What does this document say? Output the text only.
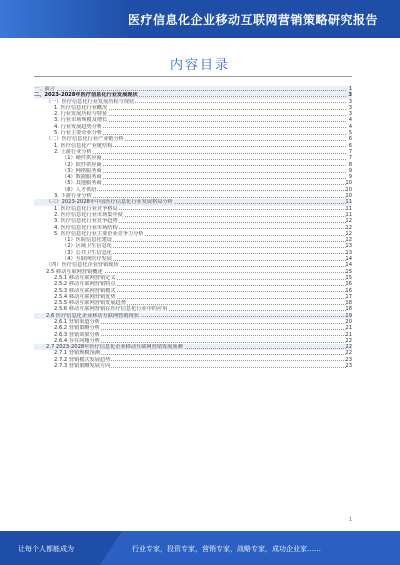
医疗信息化企业移动互联网营销策略研究报告
内容目录
一、前言	1
二、2023-2028年医疗信息化行业发展现状	3
（一）医疗信息化行业发展历程与现状	3
1. 医疗信息化行业概况	3
2. 行业发展历程与特征	3
3. 行业市场规模及增长	4
4. 行业发展趋势分析	4
5. 行业主要企业分析	5
（二）医疗信息化行业产业链分析	6
1. 医疗信息化产业链结构	6
2. 上游行业分析	7
（1）硬件供应商	7
（2）软件供应商	8
（3）网络服务商	9
（4）数据服务商	9
（5）其他服务商	10
（6）人才供给	10
3. 下游行业分析	10
（三）2023-2028年中国医疗信息化行业发展格局分析	11
1. 医疗信息化行业竞争格局	11
2. 医疗信息化行业市场集中度	11
3. 医疗信息化行业竞争趋势	12
4. 医疗信息化行业市场结构	12
5. 医疗信息化行业主要企业竞争力分析	12
（1）医院信息化建设	12
（2）区域卫生信息化	13
（3）公共卫生信息化	13
（4）互联网医疗发展	14
（四）医疗信息化企业营销现状	14
2.5 移动互联网营销概述	15
2.5.1 移动互联网营销定义	15
2.5.2 移动互联网营销特点	16
2.5.3 移动互联网营销模式	16
2.5.4 移动互联网营销优势	17
2.5.5 移动互联网营销发展趋势	18
2.5.6 移动互联网营销在医疗信息化行业中的应用	18
2.6 医疗信息化企业移动互联网营销现状	19
2.6.1 营销渠道分析	20
2.6.2 营销策略分析	21
2.6.3 营销效果分析	21
2.6.4 存在问题分析	22
2.7 2023-2028年医疗信息化企业移动互联网营销发展预测	22
2.7.1 营销规模预测	22
2.7.2 营销模式发展趋势	23
2.7.3 营销策略发展方向	23
1
让每个人都能成为	行业专家，投资专家，营销专家，战略专家，成功企业家……
